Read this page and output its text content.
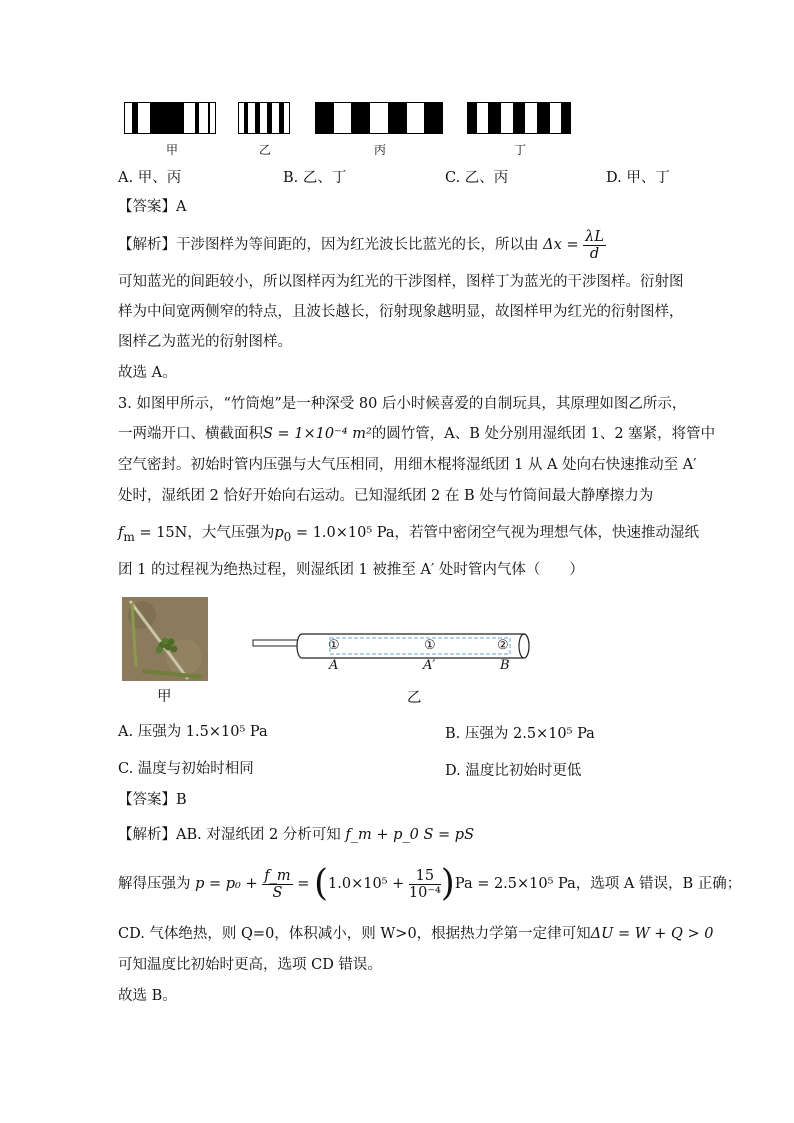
甲	乙	丙	丁
A. 甲、丙	B. 乙、丁	C. 乙、丙	D. 甲、丁
【答案】A
【解析】干涉图样为等间距的，因为红光波长比蓝光的长，所以由 $\Delta x = \frac{\lambda L}{d}$
可知蓝光的间距较小，所以图样丙为红光的干涉图样，图样丁为蓝光的干涉图样。衍射图
样为中间宽两侧窄的特点，且波长越长，衍射现象越明显，故图样甲为红光的衍射图样，
图样乙为蓝光的衍射图样。
故选 A。
3. 如图甲所示，“竹筒炮”是一种深受 80 后小时候喜爱的自制玩具，其原理如图乙所示，
一两端开口、横截面积S = 1×10⁻⁴ m²的圆竹管，A、B 处分别用湿纸团 1、2 塞紧，将管中
空气密封。初始时管内压强与大气压相同，用细木棍将湿纸团 1 从 A 处向右快速推动至 A′
处时，湿纸团 2 恰好开始向右运动。已知湿纸团 2 在 B 处与竹筒间最大静摩擦力为
$f_m = 15N$，大气压强为$p_0 = 1.0\times 10^5$ Pa，若管中密闭空气视为理想气体，快速推动湿纸
团 1 的过程视为绝热过程，则湿纸团 1 被推至 A′ 处时管内气体（　　）
甲
①	①	②
A	A′	B
乙
A. 压强为 1.5×10⁵ Pa	B. 压强为 2.5×10⁵ Pa
C. 温度与初始时相同	D. 温度比初始时更低
【答案】B
【解析】AB. 对湿纸团 2 分析可知 f_m + p_0 S = pS
解得压强为 $p = p_0 + \frac{f\_m}{S} = (1.0\times 10^5 + \frac{15}{\text{10⁻⁴}} )Pa = 2.5\times 10^5$ Pa，选项 A 错误，B 正确；
CD. 气体绝热，则 Q=0，体积减小，则 W>0，根据热力学第一定律可知ΔU = W + Q > 0
可知温度比初始时更高，选项 CD 错误。
故选 B。
